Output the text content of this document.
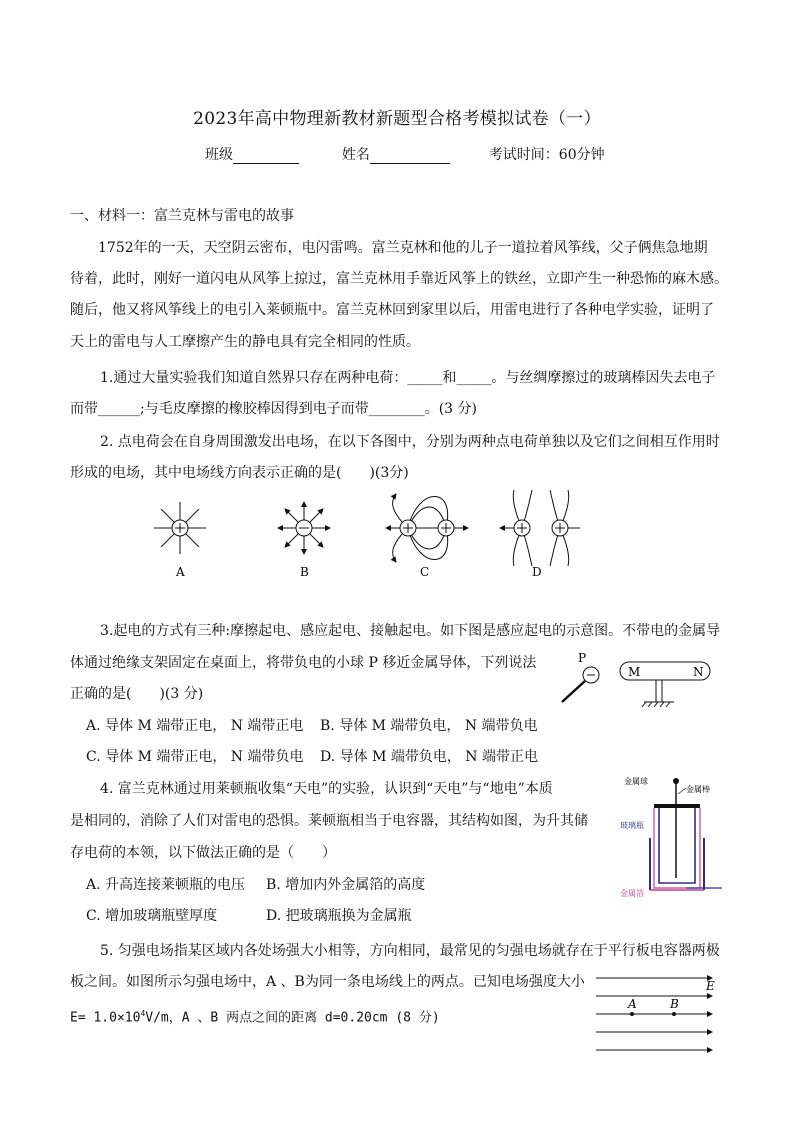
2023年高中物理新教材新题型合格考模拟试卷（一）
班级	姓名	考试时间：60分钟
一、材料一：富兰克林与雷电的故事
1752年的一天，天空阴云密布，电闪雷鸣。富兰克林和他的儿子一道拉着风筝线，父子俩焦急地期
待着，此时，刚好一道闪电从风筝上掠过，富兰克林用手靠近风筝上的铁丝，立即产生一种恐怖的麻木感。
随后，他又将风筝线上的电引入莱顿瓶中。富兰克林回到家里以后，用雷电进行了各种电学实验，证明了
天上的雷电与人工摩擦产生的静电具有完全相同的性质。
1.通过大量实验我们知道自然界只存在两种电荷：_____和_____。与丝绸摩擦过的玻璃棒因失去电子
而带______;与毛皮摩擦的橡胶棒因得到电子而带________。(3 分)
2. 点电荷会在自身周围激发出电场，在以下各图中，分别为两种点电荷单独以及它们之间相互作用时
形成的电场，其中电场线方向表示正确的是(　　)(3分)
A	B	C	D
3.起电的方式有三种:摩擦起电、感应起电、接触起电。如下图是感应起电的示意图。不带电的金属导
体通过绝缘支架固定在桌面上，将带负电的小球 P 移近金属导体，下列说法
正确的是(　　)(3 分)
A. 导体 M 端带正电， N 端带正电 B. 导体 M 端带负电， N 端带负电
C. 导体 M 端带正电， N 端带负电 D. 导体 M 端带负电， N 端带正电
P
M	N
4. 富兰克林通过用莱顿瓶收集“天电”的实验，认识到“天电”与“地电”本质
是相同的，消除了人们对雷电的恐惧。莱顿瓶相当于电容器，其结构如图，为升其储
存电荷的本领，以下做法正确的是（　　）
A. 升高连接莱顿瓶的电压 B. 增加内外金属箔的高度
C. 增加玻璃瓶壁厚度	D. 把玻璃瓶换为金属瓶
金属球
金属棒
玻璃瓶
金属箔
5. 匀强电场指某区域内各处场强大小相等，方向相同，最常见的匀强电场就存在于平行板电容器两极
板之间。如图所示匀强电场中，A 、B为同一条电场线上的两点。已知电场强度大小
$E= 1.0\times 10^4V/m$，A 、B 两点之间的距离 d=0.20cm (8 分)
A	B
E
